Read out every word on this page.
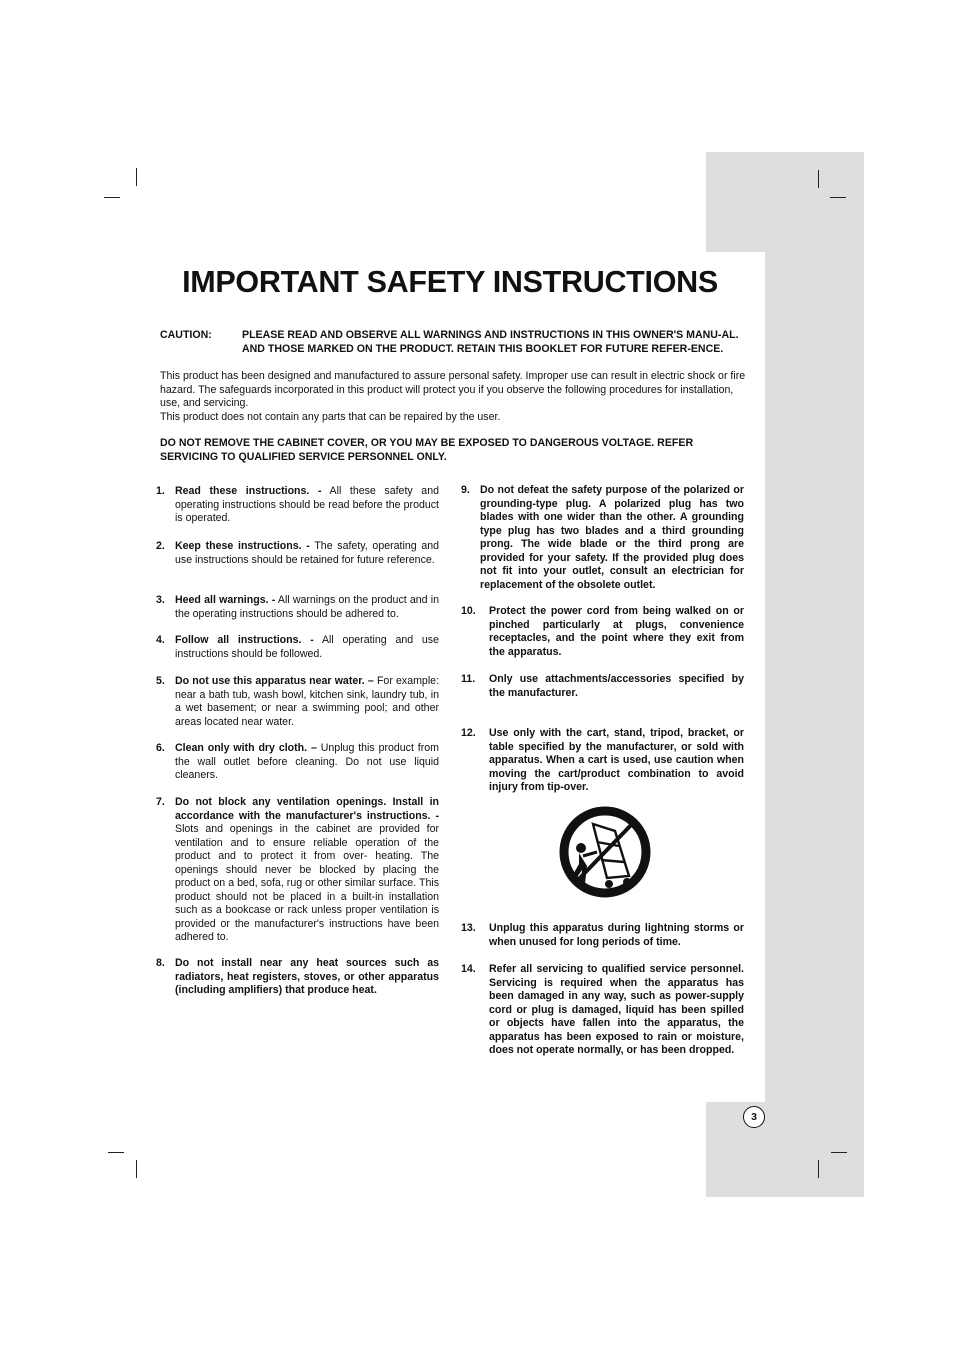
IMPORTANT SAFETY INSTRUCTIONS
CAUTION:	PLEASE READ AND OBSERVE ALL WARNINGS AND INSTRUCTIONS IN THIS OWNER'S MANU-AL. AND THOSE MARKED ON THE PRODUCT. RETAIN THIS BOOKLET FOR FUTURE REFER-ENCE.

This product has been designed and manufactured to assure personal safety. Improper use can result in electric shock or fire hazard. The safeguards incorporated in this product will protect you if you observe the following procedures for installation, use, and servicing.

This product does not contain any parts that can be repaired by the user.

DO NOT REMOVE THE CABINET COVER, OR YOU MAY BE EXPOSED TO DANGEROUS VOLTAGE. REFER SERVICING TO QUALIFIED SERVICE PERSONNEL ONLY.
1. Read these instructions. - All these safety and operating instructions should be read before the product is operated.
2. Keep these instructions. - The safety, operating and use instructions should be retained for future reference.
3. Heed all warnings. - All warnings on the product and in the operating instructions should be adhered to.
4. Follow all instructions. - All operating and use instructions should be followed.
5. Do not use this apparatus near water. – For example: near a bath tub, wash bowl, kitchen sink, laundry tub, in a wet basement; or near a swimming pool; and other areas located near water.
6. Clean only with dry cloth. – Unplug this product from the wall outlet before cleaning. Do not use liquid cleaners.
7. Do not block any ventilation openings. Install in accordance with the manufacturer's instructions. - Slots and openings in the cabinet are provided for ventilation and to ensure reliable operation of the product and to protect it from over- heating. The openings should never be blocked by placing the product on a bed, sofa, rug or other similar surface. This product should not be placed in a built-in installation such as a bookcase or rack unless proper ventilation is provided or the manufacturer's instructions have been adhered to.
8. Do not install near any heat sources such as radiators, heat registers, stoves, or other apparatus (including amplifiers) that produce heat.
9. Do not defeat the safety purpose of the polarized or grounding-type plug. A polarized plug has two blades with one wider than the other. A grounding type plug has two blades and a third grounding prong. The wide blade or the third prong are provided for your safety. If the provided plug does not fit into your outlet, consult an electrician for replacement of the obsolete outlet.
10. Protect the power cord from being walked on or pinched particularly at plugs, convenience receptacles, and the point where they exit from the apparatus.
11. Only use attachments/accessories specified by the manufacturer.
12. Use only with the cart, stand, tripod, bracket, or table specified by the manufacturer, or sold with apparatus. When a cart is used, use caution when moving the cart/product combination to avoid injury from tip-over.
13. Unplug this apparatus during lightning storms or when unused for long periods of time.
14. Refer all servicing to qualified service personnel. Servicing is required when the apparatus has been damaged in any way, such as power-supply cord or plug is damaged, liquid has been spilled or objects have fallen into the apparatus, the apparatus has been exposed to rain or moisture, does not operate normally, or has been dropped.
3
